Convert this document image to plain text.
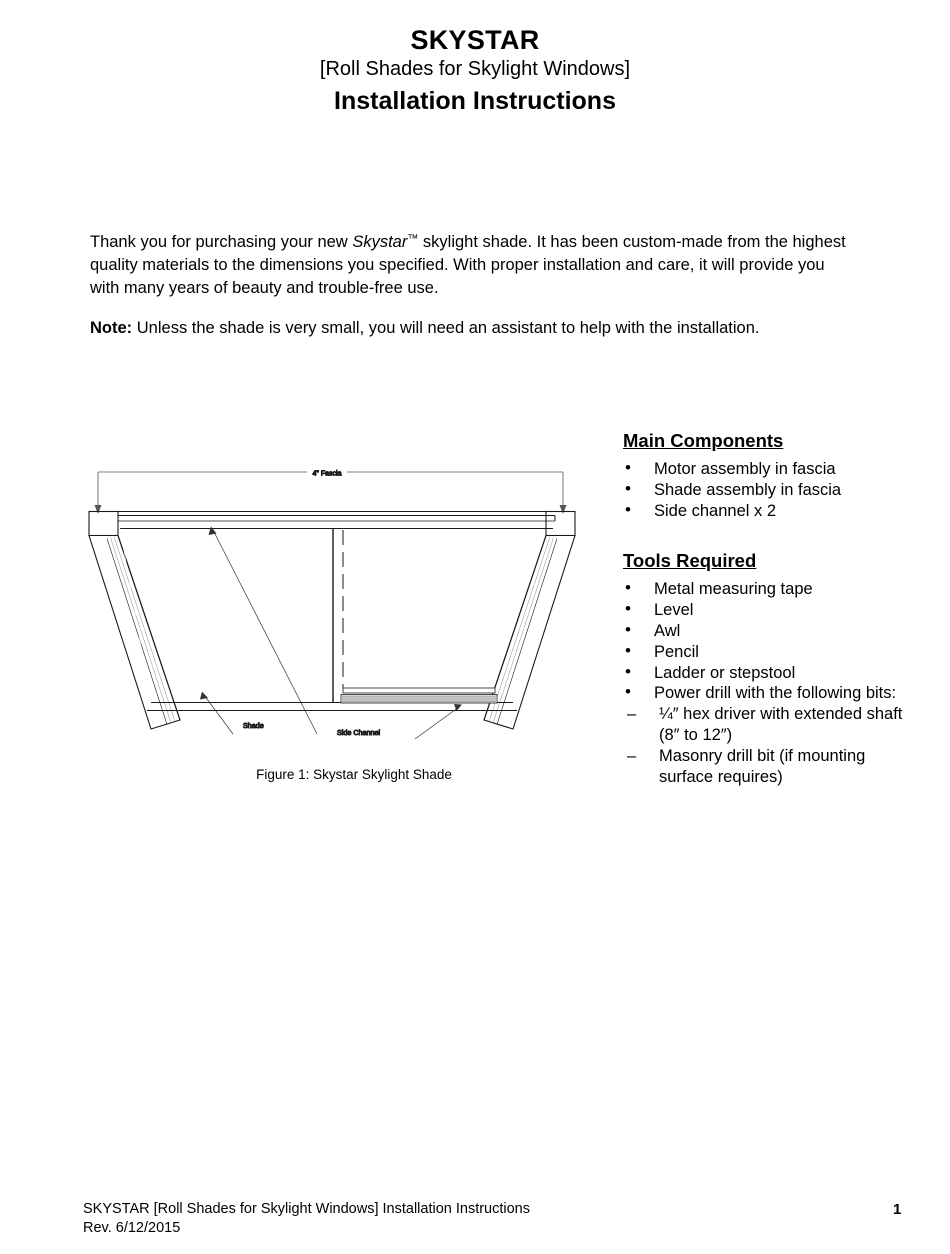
SKYSTAR
[Roll Shades for Skylight Windows]
Installation Instructions

Thank you for purchasing your new Skystar™ skylight shade. It has been custom-made from the highest quality materials to the dimensions you specified. With proper installation and care, it will provide you with many years of beauty and trouble-free use.

Note: Unless the shade is very small, you will need an assistant to help with the installation.

4" Fascia
Shade
Side Channel
Figure 1: Skystar Skylight Shade
Main Components
• Motor assembly in fascia
• Shade assembly in fascia
• Side channel x 2
Tools Required
• Metal measuring tape
• Level
• Awl
• Pencil
• Ladder or stepstool
• Power drill with the following bits:
– ¼″ hex driver with extended shaft (8″ to 12″)
– Masonry drill bit (if mounting surface requires)
SKYSTAR [Roll Shades for Skylight Windows] Installation Instructions
Rev. 6/12/2015
1
